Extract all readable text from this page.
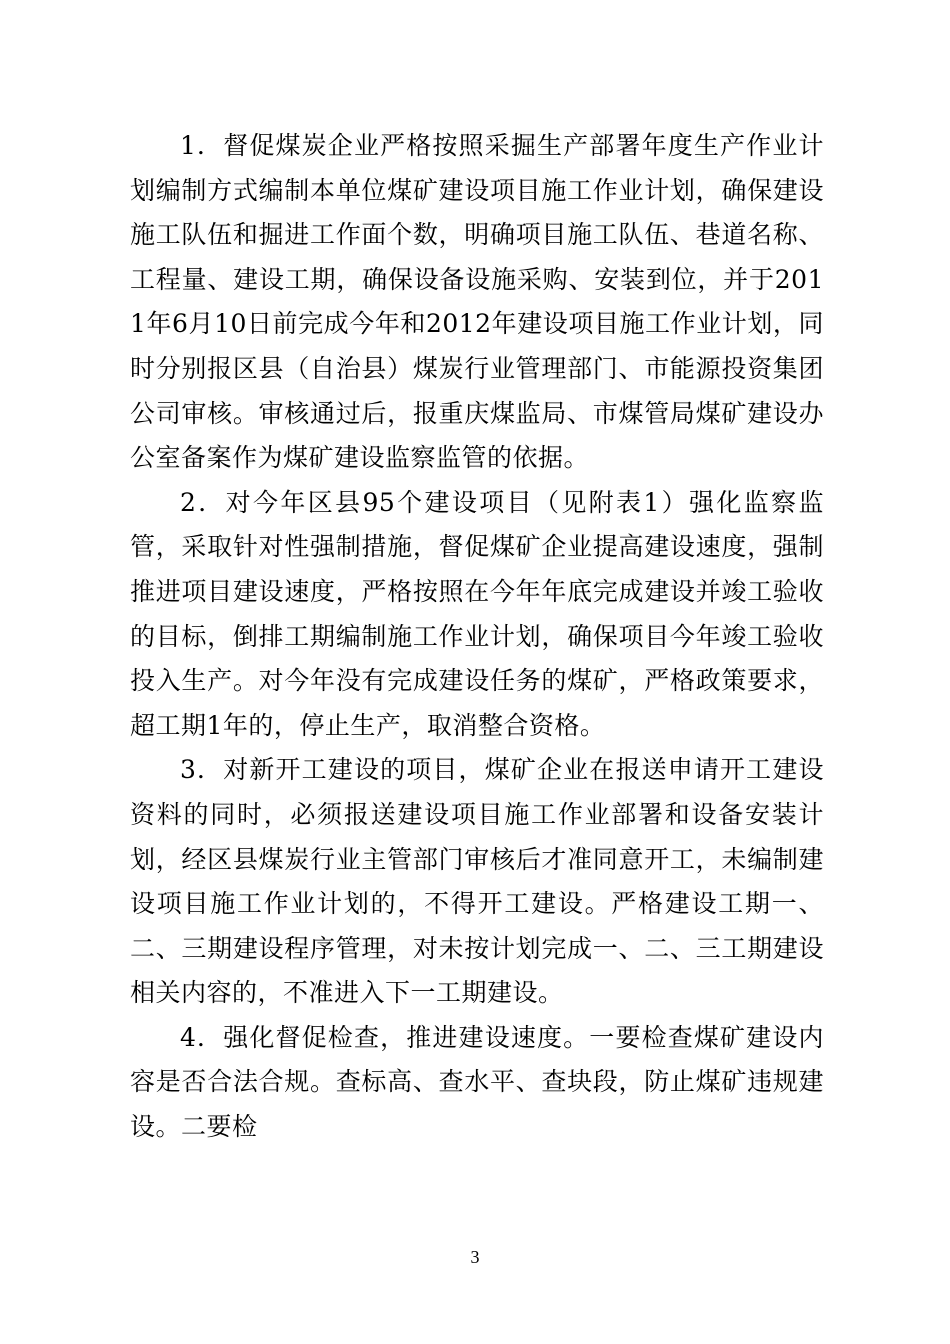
1．督促煤炭企业严格按照采掘生产部署年度生产作业计划编制方式编制本单位煤矿建设项目施工作业计划，确保建设施工队伍和掘进工作面个数，明确项目施工队伍、巷道名称、工程量、建设工期，确保设备设施采购、安装到位，并于2011年6月10日前完成今年和2012年建设项目施工作业计划，同时分别报区县（自治县）煤炭行业管理部门、市能源投资集团公司审核。审核通过后，报重庆煤监局、市煤管局煤矿建设办公室备案作为煤矿建设监察监管的依据。

2．对今年区县95个建设项目（见附表1）强化监察监管，采取针对性强制措施，督促煤矿企业提高建设速度，强制推进项目建设速度，严格按照在今年年底完成建设并竣工验收的目标，倒排工期编制施工作业计划，确保项目今年竣工验收投入生产。对今年没有完成建设任务的煤矿，严格政策要求，超工期1年的，停止生产，取消整合资格。

3．对新开工建设的项目，煤矿企业在报送申请开工建设资料的同时，必须报送建设项目施工作业部署和设备安装计划，经区县煤炭行业主管部门审核后才准同意开工，未编制建设项目施工作业计划的，不得开工建设。严格建设工期一、二、三期建设程序管理，对未按计划完成一、二、三工期建设相关内容的，不准进入下一工期建设。

4．强化督促检查，推进建设速度。一要检查煤矿建设内容是否合法合规。查标高、查水平、查块段，防止煤矿违规建设。二要检

3
